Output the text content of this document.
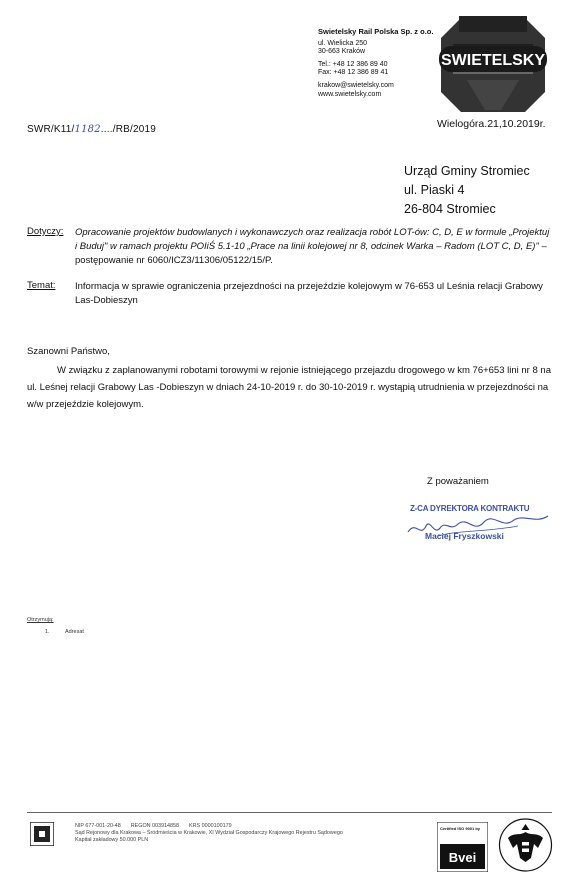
Swietelsky Rail Polska Sp. z o.o.
ul. Wielicka 250
30-663 Kraków
Tel.: +48 12 386 89 40
Fax: +48 12 386 89 41
krakow@swietelsky.com
www.swietelsky.com
SWIETELSKY
SWR/K11/1182..../RB/2019	Wielogóra.21,10.2019r.
Urząd Gminy Stromiec
ul. Piaski 4
26-804 Stromiec
Dotyczy: Opracowanie projektów budowlanych i wykonawczych oraz realizacja robót LOT-ów: C, D, E w formule „Projektuj i Buduj" w ramach projektu POIiŚ 5.1-10 „Prace na linii kolejowej nr 8, odcinek Warka – Radom (LOT C, D, E)" – postępowanie nr 6060/ICZ3/11306/05122/15/P.
Temat: Informacja w sprawie ograniczenia przejezdności na przejeździe kolejowym w 76-653 ul Leśnia relacji Grabowy Las-Dobieszyn
Szanowni Państwo,
W związku z zaplanowanymi robotami torowymi w rejonie istniejącego przejazdu drogowego w km 76+653 lini nr 8 na ul. Leśnej relacji Grabowy Las -Dobieszyn w dniach 24-10-2019 r. do 30-10-2019 r. wystąpią utrudnienia w przejezdności na w/w przejeździe kolejowym.
Z poważaniem
Z-CA DYREKTORA KONTRAKTU
Maciej Fryszkowski
Otrzymują:
1.	Adresat
NIP 677-001-20-48 REGON 003914858 KRS 0000100179
Sąd Rejonowy dla Krakowa – Śródmieścia w Krakowie, XI Wydział Gospodarczy Krajowego Rejestru Sądowego
Kapitał zakładowy 50.000 PLN
Bvei
Certified ISO 9001 by
